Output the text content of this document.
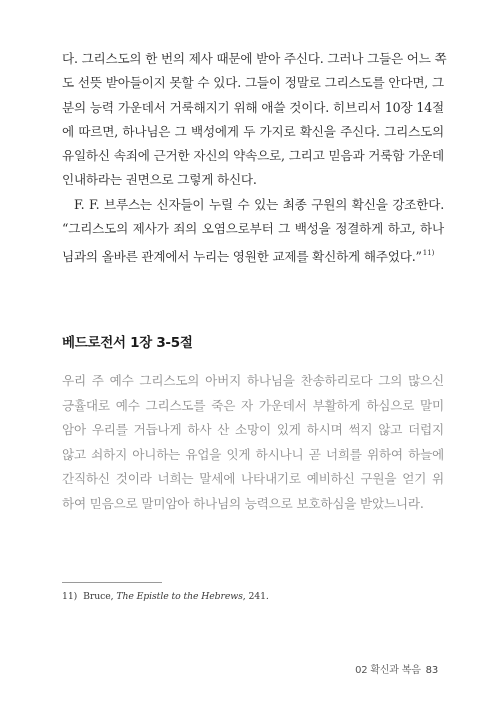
다. 그리스도의 한 번의 제사 때문에 받아 주신다. 그러나 그들은 어느 쪽
도 선뜻 받아들이지 못할 수 있다. 그들이 정말로 그리스도를 안다면, 그
분의 능력 가운데서 거룩해지기 위해 애쓸 것이다. 히브리서 10장 14절
에 따르면, 하나님은 그 백성에게 두 가지로 확신을 주신다. 그리스도의
유일하신 속죄에 근거한 자신의 약속으로, 그리고 믿음과 거룩함 가운데
인내하라는 권면으로 그렇게 하신다.
F. F. 브루스는 신자들이 누릴 수 있는 최종 구원의 확신을 강조한다.
“그리스도의 제사가 죄의 오염으로부터 그 백성을 정결하게 하고, 하나
님과의 올바른 관계에서 누리는 영원한 교제를 확신하게 해주었다.”$^{11)}$
베드로전서 1장 3-5절
우리 주 예수 그리스도의 아버지 하나님을 찬송하리로다 그의 많으신
긍휼대로 예수 그리스도를 죽은 자 가운데서 부활하게 하심으로 말미
암아 우리를 거듭나게 하사 산 소망이 있게 하시며 썩지 않고 더럽지
않고 쇠하지 아니하는 유업을 잇게 하시나니 곧 너희를 위하여 하늘에
간직하신 것이라 너희는 말세에 나타내기로 예비하신 구원을 얻기 위
하여 믿음으로 말미암아 하나님의 능력으로 보호하심을 받았느니라.
11) Bruce, The Epistle to the Hebrews, 241.
02 확신과 복음 83
